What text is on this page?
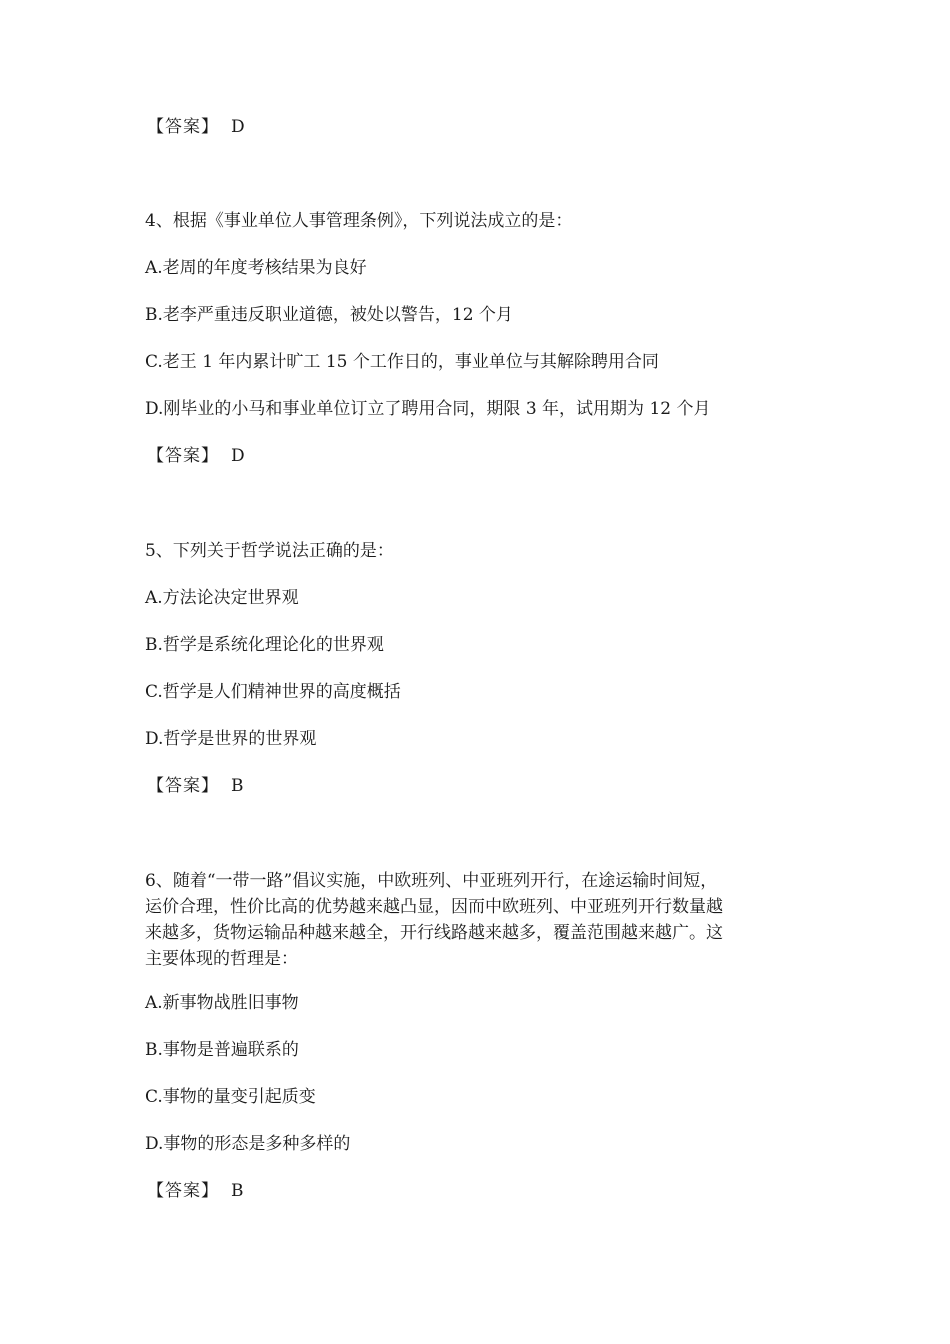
【答案】 D
4、根据《事业单位人事管理条例》，下列说法成立的是：
A.老周的年度考核结果为良好
B.老李严重违反职业道德，被处以警告，12 个月
C.老王 1 年内累计旷工 15 个工作日的，事业单位与其解除聘用合同
D.刚毕业的小马和事业单位订立了聘用合同，期限 3 年，试用期为 12 个月
【答案】 D
5、下列关于哲学说法正确的是：
A.方法论决定世界观
B.哲学是系统化理论化的世界观
C.哲学是人们精神世界的高度概括
D.哲学是世界的世界观
【答案】 B
6、随着“一带一路”倡议实施，中欧班列、中亚班列开行，在途运输时间短，
运价合理，性价比高的优势越来越凸显，因而中欧班列、中亚班列开行数量越
来越多，货物运输品种越来越全，开行线路越来越多，覆盖范围越来越广。这
主要体现的哲理是：
A.新事物战胜旧事物
B.事物是普遍联系的
C.事物的量变引起质变
D.事物的形态是多种多样的
【答案】 B
